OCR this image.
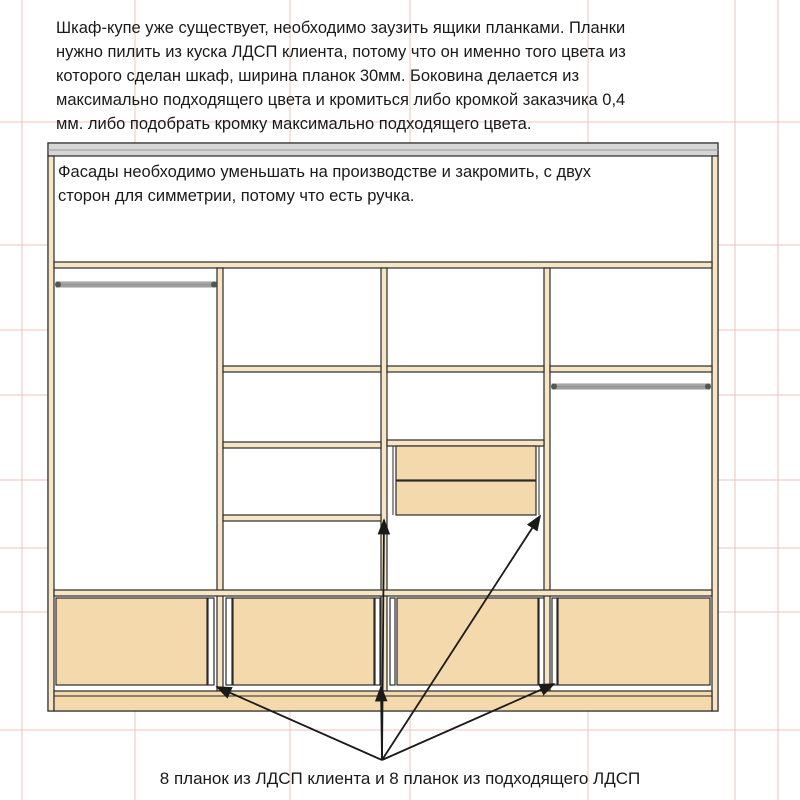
Шкаф-купе уже существует, необходимо заузить ящики планками. Планки
нужно пилить из куска ЛДСП клиента, потому что он именно того цвета из
которого сделан шкаф, ширина планок 30мм. Боковина делается из
максимально подходящего цвета и кромиться либо кромкой заказчика 0,4
мм. либо подобрать кромку максимально подходящего цвета.
Фасады необходимо уменьшать на производстве и закромить, с двух
сторон для симметрии, потому что есть ручка.
8 планок из ЛДСП клиента и 8 планок из подходящего ЛДСП
